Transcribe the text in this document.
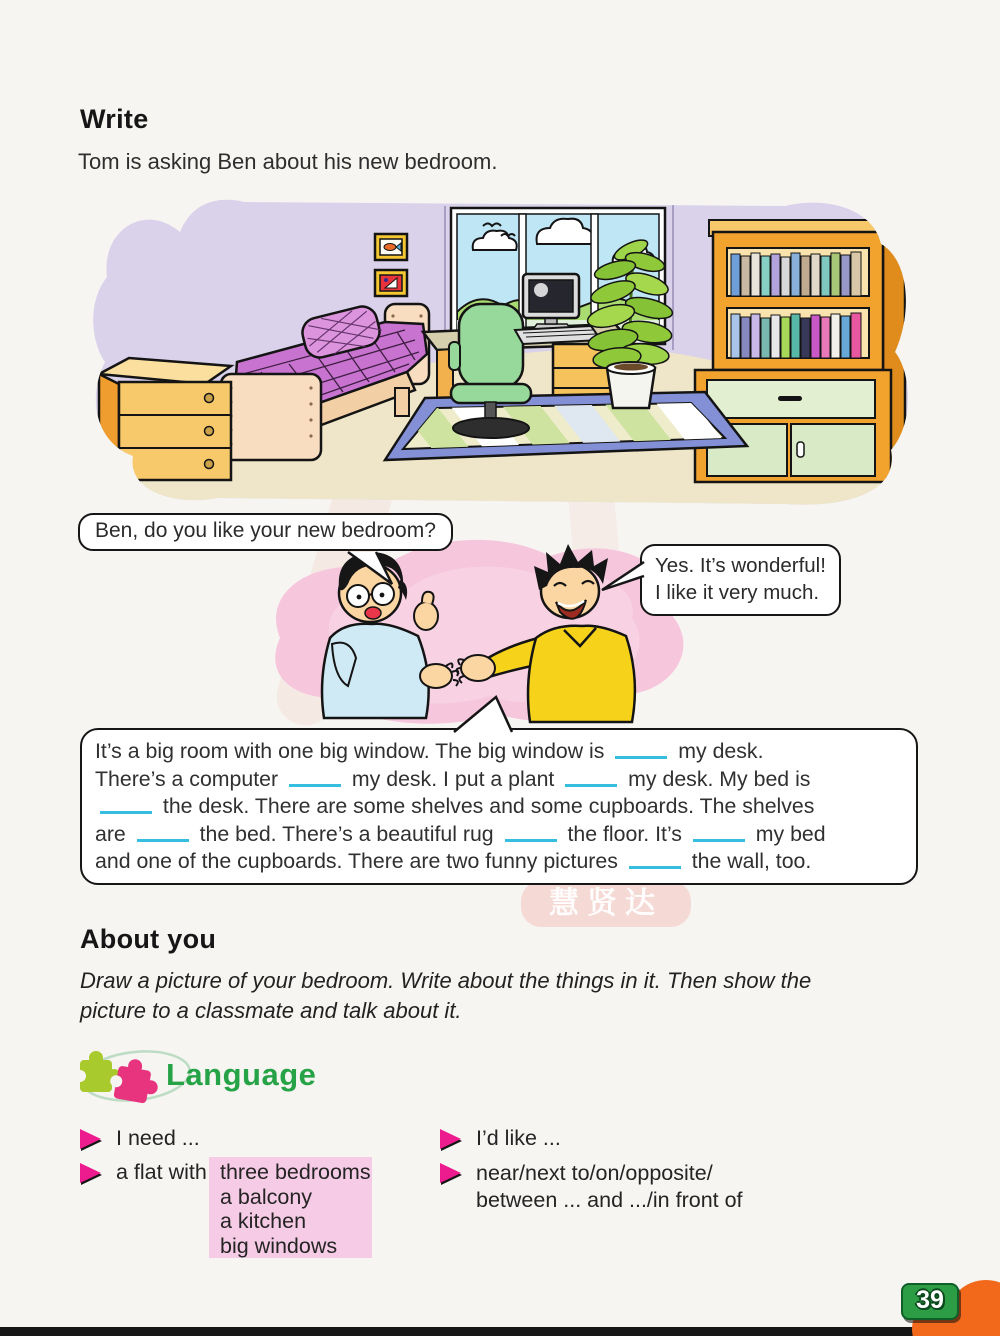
慧贤达
Write
Tom is asking Ben about his new bedroom.
Ben, do you like your new bedroom?
Yes. It’s wonderful!
I like it very much.
It’s a big room with one big window. The big window is	my desk.
There’s a computer	my desk. I put a plant	my desk. My bed is
the desk. There are some shelves and some cupboards. The shelves
are	the bed. There’s a beautiful rug	the floor. It’s	my bed
and one of the cupboards. There are two funny pictures	the wall, too.
About you
Draw a picture of your bedroom. Write about the things in it. Then show the
picture to a classmate and talk about it.
Language
I need ...
a flat with three bedrooms
a balcony
a kitchen
big windows
I’d like ...
near/next to/on/opposite/
between ... and .../in front of
39
